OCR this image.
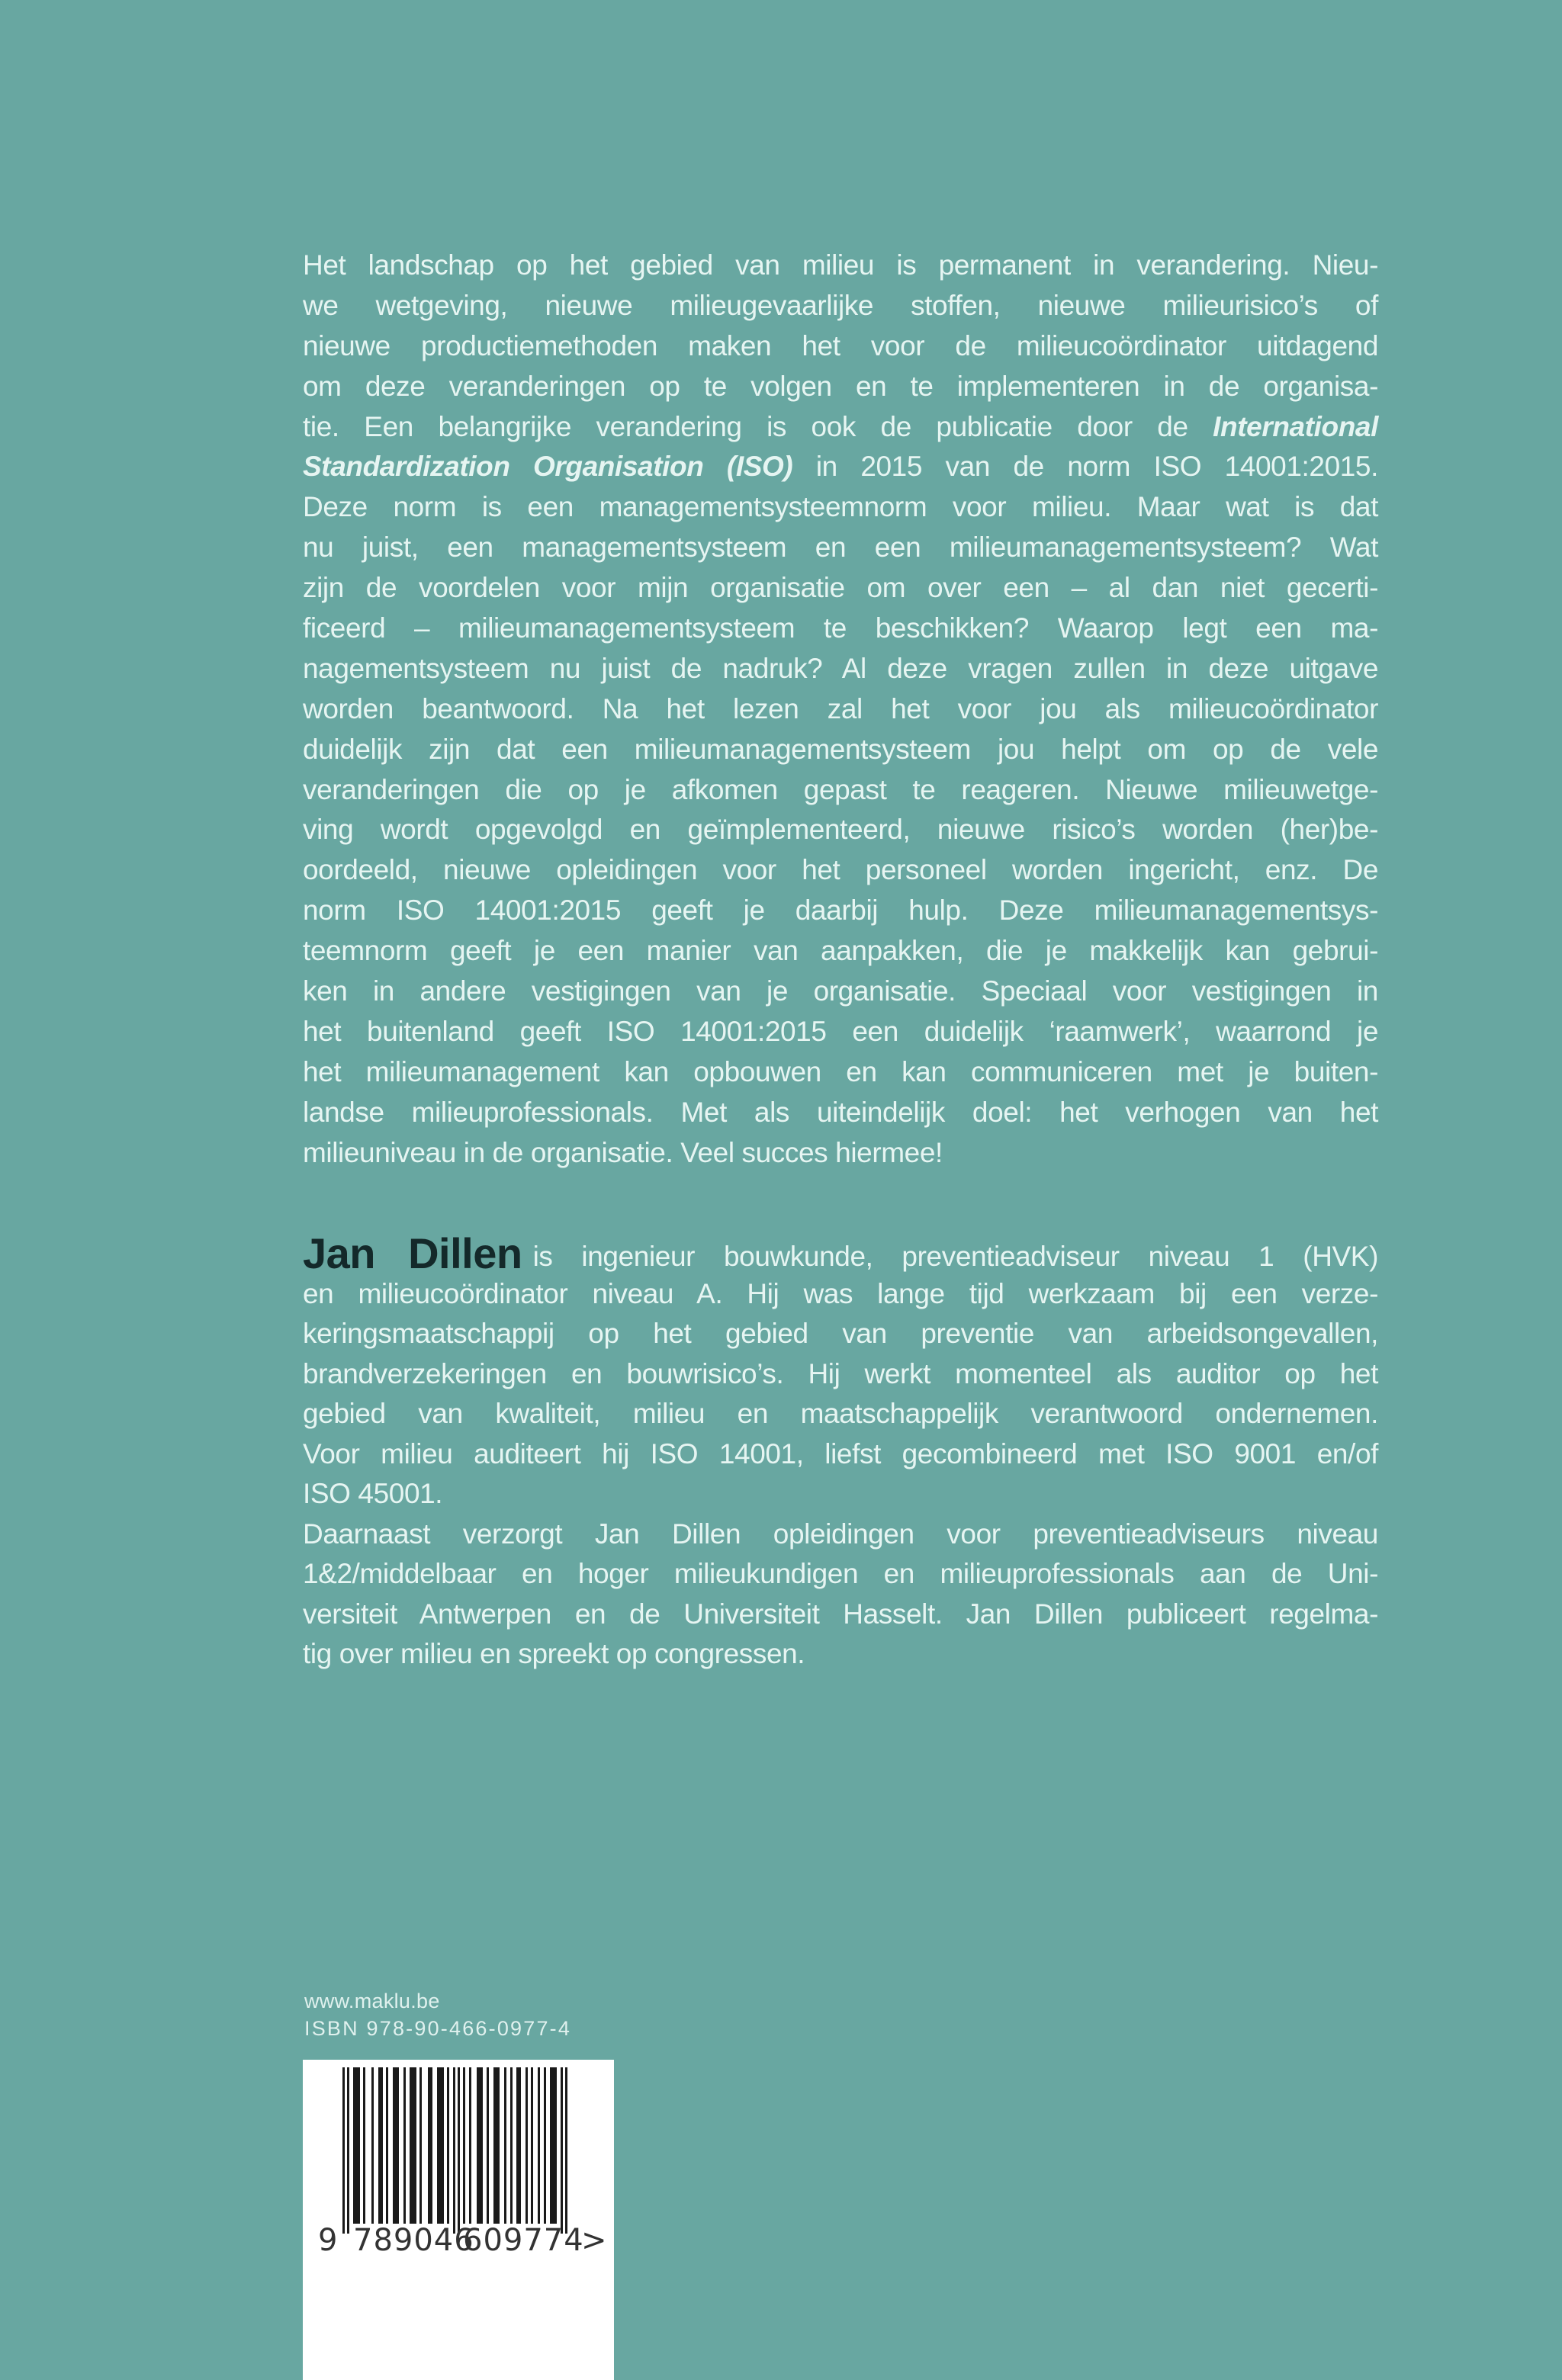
Het landschap op het gebied van milieu is permanent in verandering. Nieu-
we wetgeving, nieuwe milieugevaarlijke stoffen, nieuwe milieurisico’s of
nieuwe productiemethoden maken het voor de milieucoördinator uitdagend
om deze veranderingen op te volgen en te implementeren in de organisa-
tie. Een belangrijke verandering is ook de publicatie door de International
Standardization Organisation (ISO) in 2015 van de norm ISO 14001:2015.
Deze norm is een managementsysteemnorm voor milieu. Maar wat is dat
nu juist, een managementsysteem en een milieumanagementsysteem? Wat
zijn de voordelen voor mijn organisatie om over een – al dan niet gecerti-
ficeerd – milieumanagementsysteem te beschikken? Waarop legt een ma-
nagementsysteem nu juist de nadruk? Al deze vragen zullen in deze uitgave
worden beantwoord. Na het lezen zal het voor jou als milieucoördinator
duidelijk zijn dat een milieumanagementsysteem jou helpt om op de vele
veranderingen die op je afkomen gepast te reageren. Nieuwe milieuwetge-
ving wordt opgevolgd en geïmplementeerd, nieuwe risico’s worden (her)be-
oordeeld, nieuwe opleidingen voor het personeel worden ingericht, enz. De
norm ISO 14001:2015 geeft je daarbij hulp. Deze milieumanagementsys-
teemnorm geeft je een manier van aanpakken, die je makkelijk kan gebrui-
ken in andere vestigingen van je organisatie. Speciaal voor vestigingen in
het buitenland geeft ISO 14001:2015 een duidelijk ‘raamwerk’, waarrond je
het milieumanagement kan opbouwen en kan communiceren met je buiten-
landse milieuprofessionals. Met als uiteindelijk doel: het verhogen van het
milieuniveau in de organisatie. Veel succes hiermee!
Jan Dillen is ingenieur bouwkunde, preventieadviseur niveau 1 (HVK)
en milieucoördinator niveau A. Hij was lange tijd werkzaam bij een verze-
keringsmaatschappij op het gebied van preventie van arbeidsongevallen,
brandverzekeringen en bouwrisico’s. Hij werkt momenteel als auditor op het
gebied van kwaliteit, milieu en maatschappelijk verantwoord ondernemen.
Voor milieu auditeert hij ISO 14001, liefst gecombineerd met ISO 9001 en/of
ISO 45001.
Daarnaast verzorgt Jan Dillen opleidingen voor preventieadviseurs niveau
1&2/middelbaar en hoger milieukundigen en milieuprofessionals aan de Uni-
versiteit Antwerpen en de Universiteit Hasselt. Jan Dillen publiceert regelma-
tig over milieu en spreekt op congressen.
www.maklu.be
ISBN 978-90-466-0977-4
9 789046
609774
>
